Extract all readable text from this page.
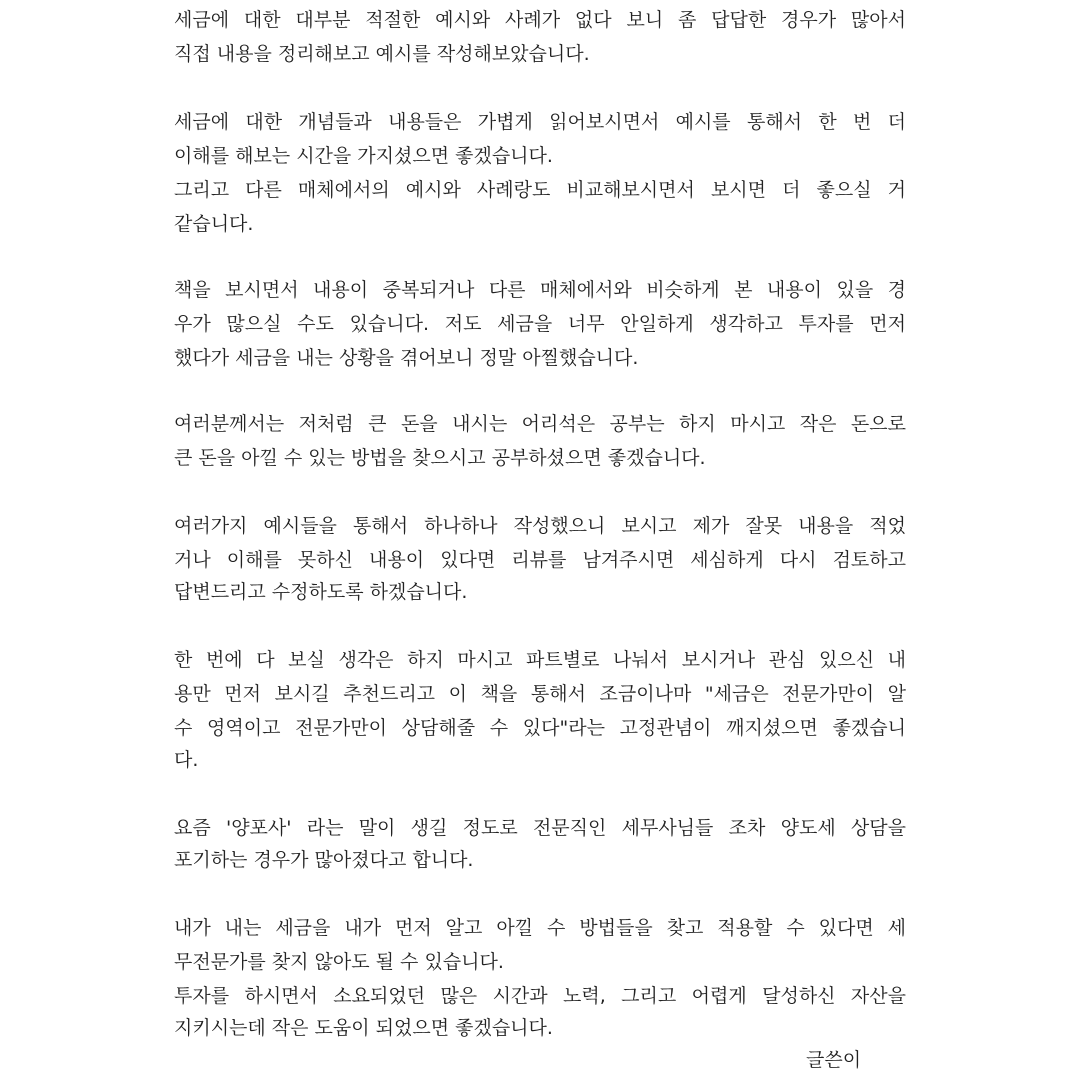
세금에 대한 대부분 적절한 예시와 사례가 없다 보니 좀 답답한 경우가 많아서
직접 내용을 정리해보고 예시를 작성해보았습니다.
세금에 대한 개념들과 내용들은 가볍게 읽어보시면서 예시를 통해서 한 번 더
이해를 해보는 시간을 가지셨으면 좋겠습니다.
그리고 다른 매체에서의 예시와 사례랑도 비교해보시면서 보시면 더 좋으실 거
같습니다.
책을 보시면서 내용이 중복되거나 다른 매체에서와 비슷하게 본 내용이 있을 경
우가 많으실 수도 있습니다. 저도 세금을 너무 안일하게 생각하고 투자를 먼저
했다가 세금을 내는 상황을 겪어보니 정말 아찔했습니다.
여러분께서는 저처럼 큰 돈을 내시는 어리석은 공부는 하지 마시고 작은 돈으로
큰 돈을 아낄 수 있는 방법을 찾으시고 공부하셨으면 좋겠습니다.
여러가지 예시들을 통해서 하나하나 작성했으니 보시고 제가 잘못 내용을 적었
거나 이해를 못하신 내용이 있다면 리뷰를 남겨주시면 세심하게 다시 검토하고
답변드리고 수정하도록 하겠습니다.
한 번에 다 보실 생각은 하지 마시고 파트별로 나눠서 보시거나 관심 있으신 내
용만 먼저 보시길 추천드리고 이 책을 통해서 조금이나마 "세금은 전문가만이 알
수 영역이고 전문가만이 상담해줄 수 있다"라는 고정관념이 깨지셨으면 좋겠습니
다.
요즘 '양포사' 라는 말이 생길 정도로 전문직인 세무사님들 조차 양도세 상담을
포기하는 경우가 많아졌다고 합니다.
내가 내는 세금을 내가 먼저 알고 아낄 수 방법들을 찾고 적용할 수 있다면 세
무전문가를 찾지 않아도 될 수 있습니다.
투자를 하시면서 소요되었던 많은 시간과 노력, 그리고 어렵게 달성하신 자산을
지키시는데 작은 도움이 되었으면 좋겠습니다.
글쓴이
